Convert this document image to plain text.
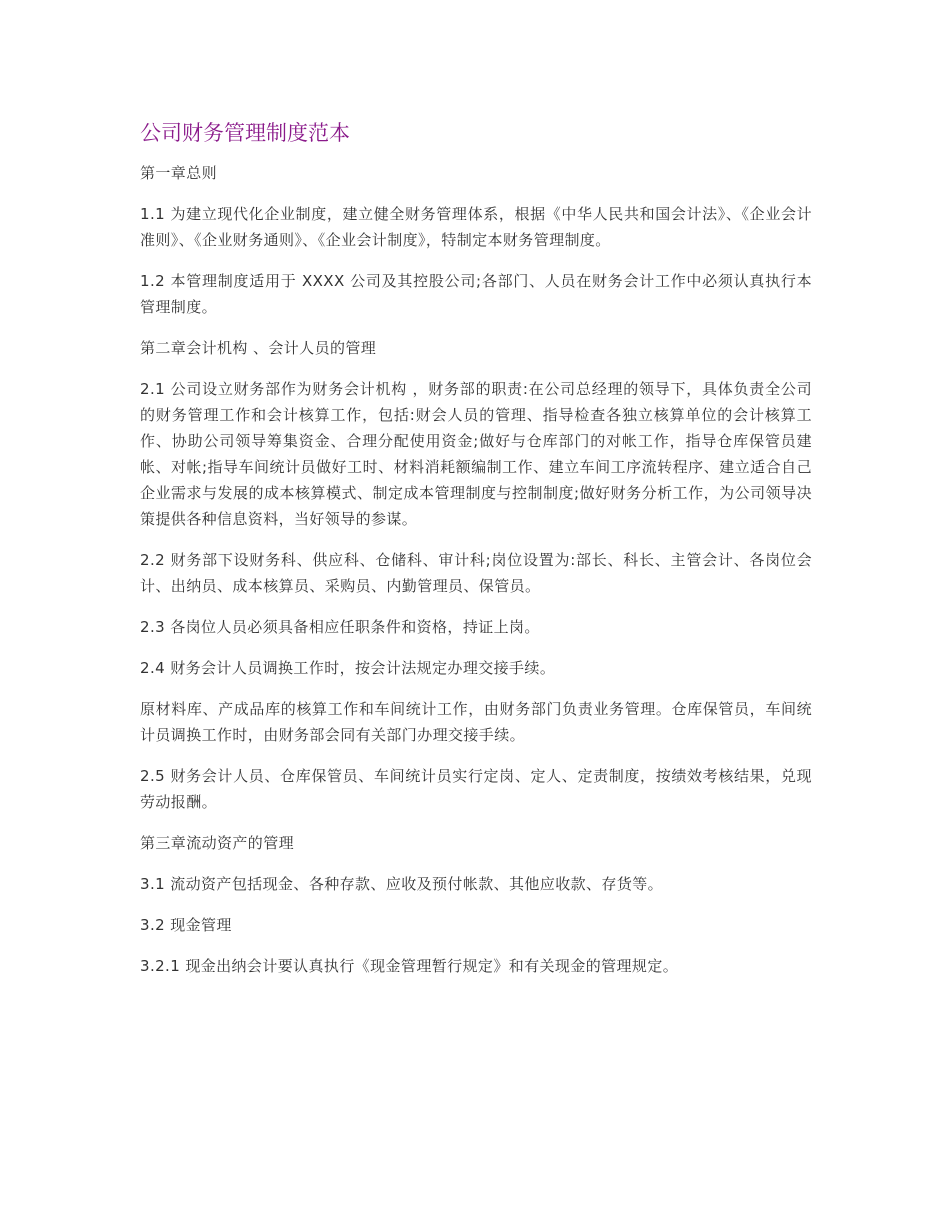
公司财务管理制度范本

第一章总则

1.1 为建立现代化企业制度，建立健全财务管理体系，根据《中华人民共和国会计法》、《企业会计准则》、《企业财务通则》、《企业会计制度》，特制定本财务管理制度。

1.2 本管理制度适用于 XXXX 公司及其控股公司;各部门、人员在财务会计工作中必须认真执行本管理制度。

第二章会计机构 、会计人员的管理

2.1 公司设立财务部作为财务会计机构 ，财务部的职责:在公司总经理的领导下，具体负责全公司的财务管理工作和会计核算工作，包括:财会人员的管理、指导检查各独立核算单位的会计核算工作、协助公司领导筹集资金、合理分配使用资金;做好与仓库部门的对帐工作，指导仓库保管员建帐、对帐;指导车间统计员做好工时、材料消耗额编制工作、建立车间工序流转程序、建立适合自己企业需求与发展的成本核算模式、制定成本管理制度与控制制度;做好财务分析工作，为公司领导决策提供各种信息资料，当好领导的参谋。

2.2 财务部下设财务科、供应科、仓储科、审计科;岗位设置为:部长、科长、主管会计、各岗位会计、出纳员、成本核算员、采购员、内勤管理员、保管员。

2.3 各岗位人员必须具备相应任职条件和资格，持证上岗。

2.4 财务会计人员调换工作时，按会计法规定办理交接手续。

原材料库、产成品库的核算工作和车间统计工作，由财务部门负责业务管理。仓库保管员，车间统计员调换工作时，由财务部会同有关部门办理交接手续。

2.5 财务会计人员、仓库保管员、车间统计员实行定岗、定人、定责制度，按绩效考核结果，兑现劳动报酬。

第三章流动资产的管理

3.1 流动资产包括现金、各种存款、应收及预付帐款、其他应收款、存货等。

3.2 现金管理

3.2.1 现金出纳会计要认真执行《现金管理暂行规定》和有关现金的管理规定。
